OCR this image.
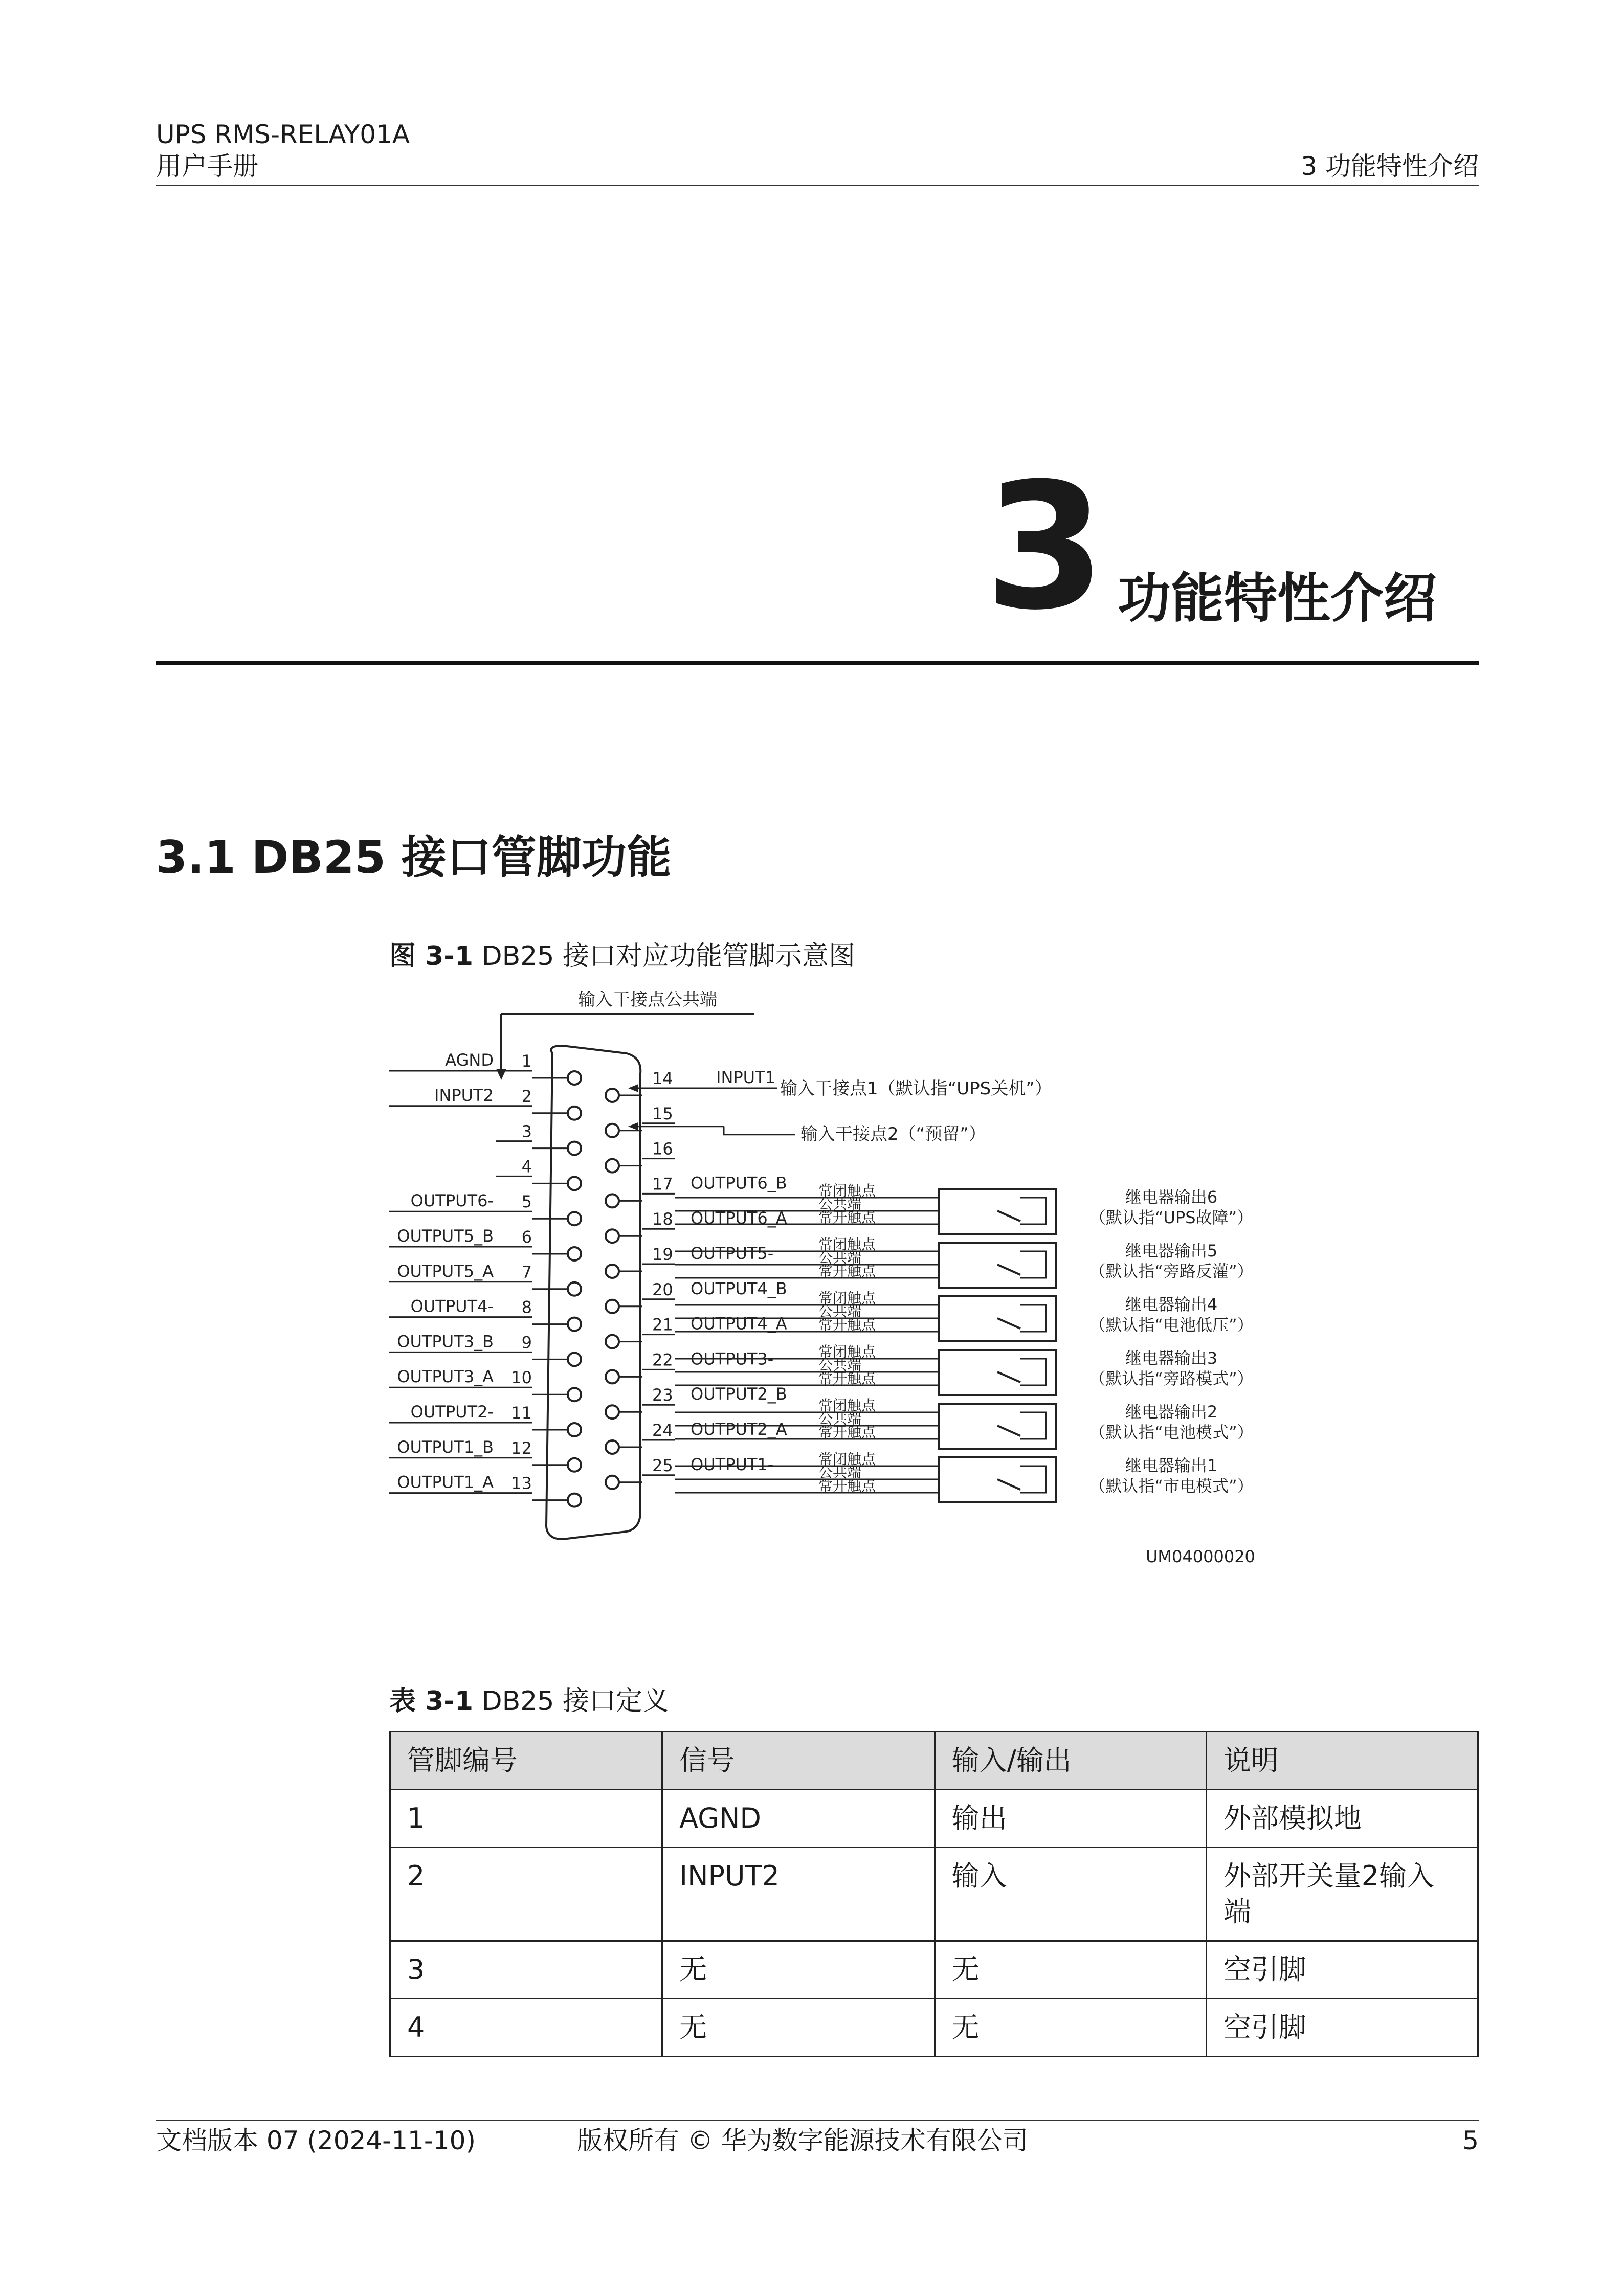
UPS RMS-RELAY01A
用户手册	3 功能特性介绍
3 功能特性介绍
3.1 DB25 接口管脚功能
图 3-1 DB25 接口对应功能管脚示意图
1
AGND
2
INPUT2
3
4
5
OUTPUT6-
6
OUTPUT5_B
7
OUTPUT5_A
8
OUTPUT4-
9
OUTPUT3_B
10
OUTPUT3_A
11
OUTPUT2-
12
OUTPUT1_B
13
OUTPUT1_A
14	INPUT1
15
16
17 OUTPUT6_B
18 OUTPUT6_A
19 OUTPUT5-
20 OUTPUT4_B
21 OUTPUT4_A
22 OUTPUT3-
23 OUTPUT2_B
24 OUTPUT2_A
25 OUTPUT1-
输入干接点1（默认指“UPS关机”）
输入干接点2（“预留”）
常闭触点
公共端
常开触点
继电器输出6
（默认指“UPS故障”）
常闭触点
公共端
常开触点
继电器输出5
（默认指“旁路反灌”）
常闭触点
公共端
常开触点
继电器输出4
（默认指“电池低压”）
常闭触点
公共端
常开触点
继电器输出3
（默认指“旁路模式”）
常闭触点
公共端
常开触点
继电器输出2
（默认指“电池模式”）
常闭触点
公共端
常开触点
继电器输出1
（默认指“市电模式”）
输入干接点公共端
UM04000020
表 3-1 DB25 接口定义
管脚编号	信号	输入/输出	说明
1	AGND	输出	外部模拟地
2	INPUT2	输入	外部开关量2输入端
3	无	无	空引脚
4	无	无	空引脚
文档版本 07 (2024-11-10)	版权所有 © 华为数字能源技术有限公司	5
